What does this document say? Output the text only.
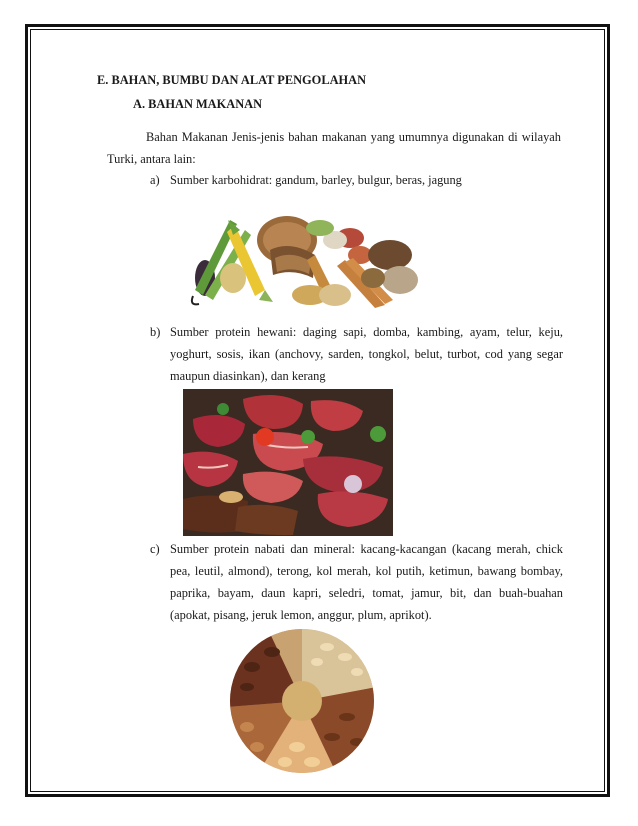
E. BAHAN, BUMBU DAN ALAT PENGOLAHAN
A. BAHAN MAKANAN
Bahan Makanan Jenis-jenis bahan makanan yang umumnya digunakan di wilayah
Turki, antara lain:
a) Sumber karbohidrat: gandum, barley, bulgur, beras, jagung
b) Sumber protein hewani: daging sapi, domba, kambing, ayam, telur, keju,
yoghurt, sosis, ikan (anchovy, sarden, tongkol, belut, turbot, cod yang segar
maupun diasinkan), dan kerang
c) Sumber protein nabati dan mineral: kacang-kacangan (kacang merah, chick
pea, leutil, almond), terong, kol merah, kol putih, ketimun, bawang bombay,
paprika, bayam, daun kapri, seledri, tomat, jamur, bit, dan buah-buahan
(apokat, pisang, jeruk lemon, anggur, plum, aprikot).
